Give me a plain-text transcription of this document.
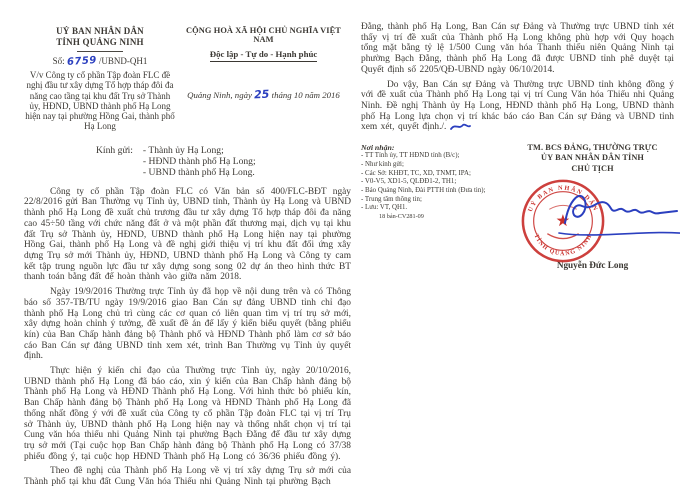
UỶ BAN NHÂN DÂN
TỈNH QUẢNG NINH
Số: 6759 /UBND-QH1
V/v Công ty cổ phần Tập đoàn FLC đề nghị đầu tư xây dựng Tổ hợp tháp đôi đa năng cao tầng tại khu đất Trụ sở Thành ủy, HĐND, UBND thành phố Hạ Long hiện nay tại phường Hồng Gai, thành phố Hạ Long
CỘNG HOÀ XÃ HỘI CHỦ NGHĨA VIỆT NAM
Độc lập - Tự do - Hạnh phúc
Quảng Ninh, ngày 25 tháng 10 năm 2016
Kính gửi: - Thành ủy Hạ Long;
- HĐND thành phố Hạ Long;
- UBND thành phố Hạ Long.

Công ty cổ phần Tập đoàn FLC có Văn bản số 400/FLC-BĐT ngày 22/8/2016 gửi Ban Thường vụ Tỉnh ủy, UBND tỉnh, Thành ủy Hạ Long và UBND thành phố Hạ Long đề xuất chủ trương đầu tư xây dựng Tổ hợp tháp đôi đa năng cao 45÷50 tầng với chức năng đất ở và một phần đất thương mại, dịch vụ tại khu đất Trụ sở Thành ủy, HĐND, UBND thành phố Hạ Long hiện nay tại phường Hồng Gai, thành phố Hạ Long và đề nghị giới thiệu vị trí khu đất đối ứng xây dựng Trụ sở mới Thành ủy, HĐND, UBND thành phố Hạ Long và Công ty cam kết tập trung nguồn lực đầu tư xây dựng song song 02 dự án theo hình thức BT thanh toán bằng đất để hoàn thành vào giữa năm 2018.

Ngày 19/9/2016 Thường trực Tỉnh ủy đã họp về nội dung trên và có Thông báo số 357-TB/TU ngày 19/9/2016 giao Ban Cán sự đảng UBND tỉnh chỉ đạo thành phố Hạ Long chủ trì cùng các cơ quan có liên quan tìm vị trí trụ sở mới, xây dựng hoàn chỉnh ý tưởng, đề xuất đề án để lấy ý kiến biểu quyết (bằng phiếu kín) của Ban Chấp hành đảng bộ Thành phố và HĐND Thành phố làm cơ sở báo cáo Ban Cán sự đảng UBND tỉnh xem xét, trình Ban Thường vụ Tỉnh ủy quyết định.

Thực hiện ý kiến chỉ đạo của Thường trực Tỉnh ủy, ngày 20/10/2016, UBND thành phố Hạ Long đã báo cáo, xin ý kiến của Ban Chấp hành đảng bộ Thành phố Hạ Long và HĐND Thành phố Hạ Long. Với hình thức bỏ phiếu kín, Ban Chấp hành đảng bộ Thành phố Hạ Long và HĐND Thành phố Hạ Long đã thống nhất đồng ý với đề xuất của Công ty cổ phần Tập đoàn FLC tại vị trí Trụ sở Thành ủy, UBND thành phố Hạ Long hiện nay và thống nhất chọn vị trí tại Cung văn hóa thiếu nhi Quảng Ninh tại phường Bạch Đằng để đầu tư xây dựng trụ sở mới (Tại cuộc họp Ban Chấp hành đảng bộ Thành phố Hạ Long có 37/38 phiếu đồng ý, tại cuộc họp HĐND Thành phố Hạ Long có 36/36 phiếu đồng ý).

Theo đề nghị của Thành phố Hạ Long về vị trí xây dựng Trụ sở mới của Thành phố tại khu đất Cung Văn hóa Thiếu nhi Quảng Ninh tại phường Bạch

Đằng, thành phố Hạ Long, Ban Cán sự Đảng và Thường trực UBND tỉnh xét thấy vị trí đề xuất của Thành phố Hạ Long không phù hợp với Quy hoạch tổng mặt bằng tỷ lệ 1/500 Cung văn hóa Thanh thiếu niên Quảng Ninh tại phường Bạch Đằng, thành phố Hạ Long đã được UBND tỉnh phê duyệt tại Quyết định số 2205/QĐ-UBND ngày 06/10/2014.

Do vậy, Ban Cán sự Đảng và Thường trực UBND tỉnh không đồng ý với đề xuất của Thành phố Hạ Long tại vị trí Cung Văn hóa Thiếu nhi Quảng Ninh. Đề nghị Thành ủy Hạ Long, HĐND thành phố Hạ Long, UBND thành phố Hạ Long lựa chọn vị trí khác báo cáo Ban Cán sự Đảng và UBND tỉnh xem xét, quyết định./.

Nơi nhận:
- TT Tỉnh ủy, TT HĐND tỉnh (B/c);
- Như kính gửi;
- Các Sở: KHĐT, TC, XD, TNMT, IPA;
- V0-V5, XD1-5, QLĐĐ1-2, TH1;
- Báo Quảng Ninh, Đài PTTH tỉnh (Đưa tin);
- Trung tâm thông tin;
- Lưu: VT, QH1.
18 bản-CV281-09
TM. BCS ĐẢNG, THƯỜNG TRỰC
ỦY BAN NHÂN DÂN TỈNH
CHỦ TỊCH
UỶ BAN NHÂN DÂN
TỈNH QUẢNG NINH
★
Nguyễn Đức Long
